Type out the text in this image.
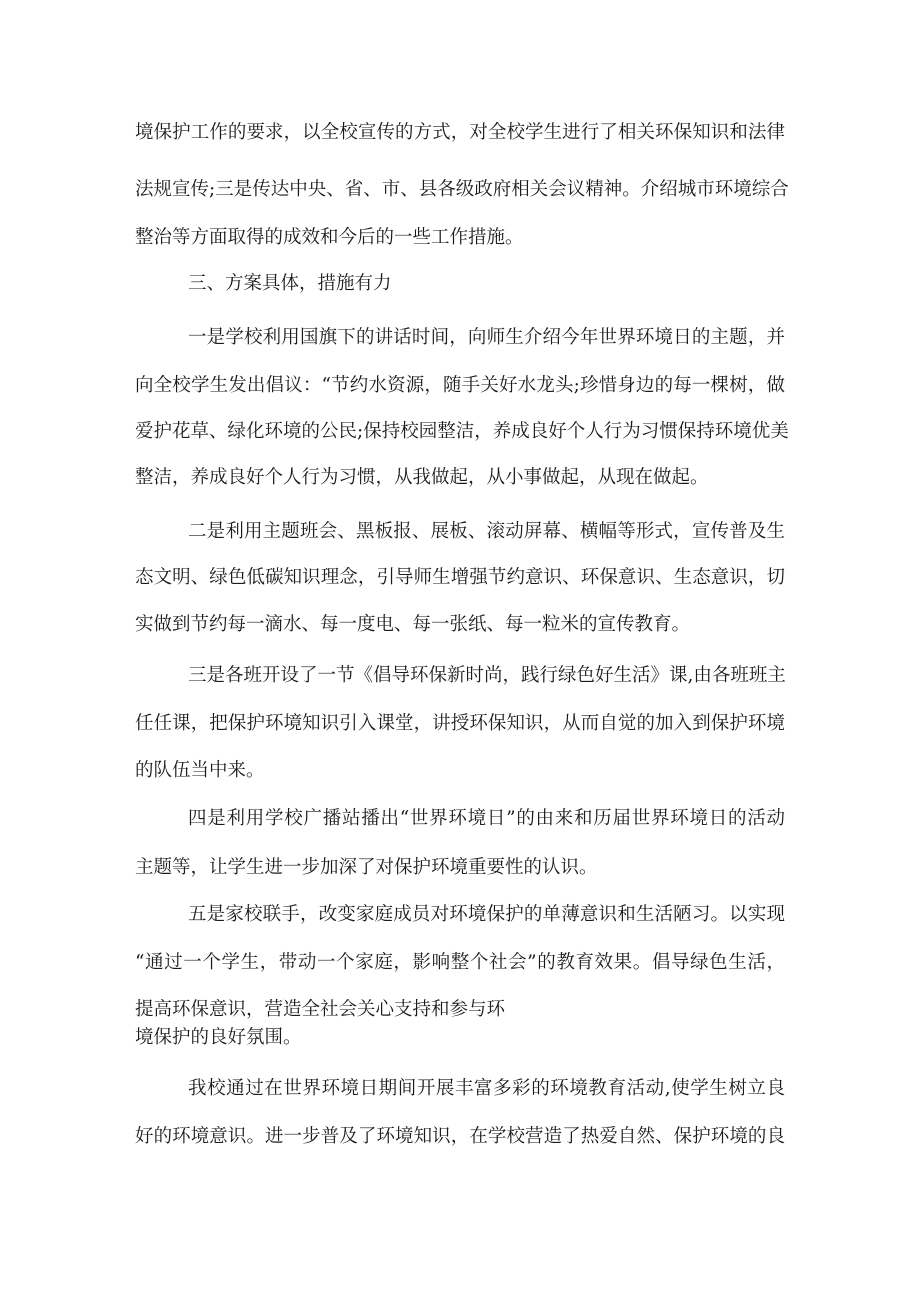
境保护工作的要求，以全校宣传的方式，对全校学生进行了相关环保知识和法律
法规宣传;三是传达中央、省、市、县各级政府相关会议精神。介绍城市环境综合
整治等方面取得的成效和今后的一些工作措施。
三、方案具体，措施有力
一是学校利用国旗下的讲话时间，向师生介绍今年世界环境日的主题，并
向全校学生发出倡议：“节约水资源，随手关好水龙头;珍惜身边的每一棵树，做
爱护花草、绿化环境的公民;保持校园整洁，养成良好个人行为习惯保持环境优美
整洁，养成良好个人行为习惯，从我做起，从小事做起，从现在做起。
二是利用主题班会、黑板报、展板、滚动屏幕、横幅等形式，宣传普及生
态文明、绿色低碳知识理念，引导师生增强节约意识、环保意识、生态意识，切
实做到节约每一滴水、每一度电、每一张纸、每一粒米的宣传教育。
三是各班开设了一节《倡导环保新时尚，践行绿色好生活》课,由各班班主
任任课，把保护环境知识引入课堂，讲授环保知识，从而自觉的加入到保护环境
的队伍当中来。
四是利用学校广播站播出“世界环境日”的由来和历届世界环境日的活动
主题等，让学生进一步加深了对保护环境重要性的认识。
五是家校联手，改变家庭成员对环境保护的单薄意识和生活陋习。以实现
“通过一个学生，带动一个家庭，影响整个社会”的教育效果。倡导绿色生活，
提高环保意识，营造全社会关心支持和参与环
境保护的良好氛围。
我校通过在世界环境日期间开展丰富多彩的环境教育活动,使学生树立良
好的环境意识。进一步普及了环境知识，在学校营造了热爱自然、保护环境的良
